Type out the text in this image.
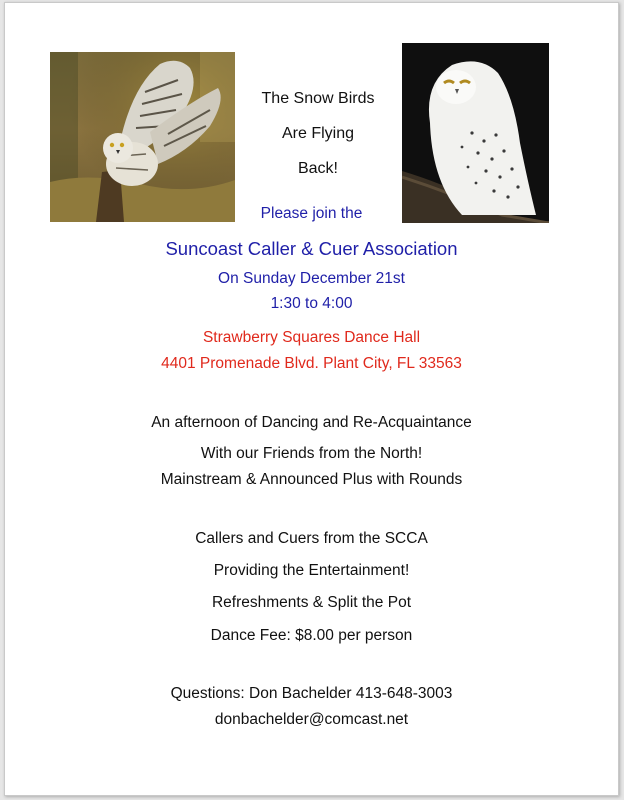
The Snow Birds
Are Flying
Back!
Please join the
Suncoast Caller & Cuer Association
On Sunday December 21st
1:30 to 4:00
Strawberry Squares Dance Hall
4401 Promenade Blvd. Plant City, FL 33563
An afternoon of Dancing and Re-Acquaintance
With our Friends from the North!
Mainstream & Announced Plus with Rounds
Callers and Cuers from the SCCA
Providing the Entertainment!
Refreshments & Split the Pot
Dance Fee: $8.00 per person
Questions: Don Bachelder 413-648-3003
donbachelder@comcast.net
